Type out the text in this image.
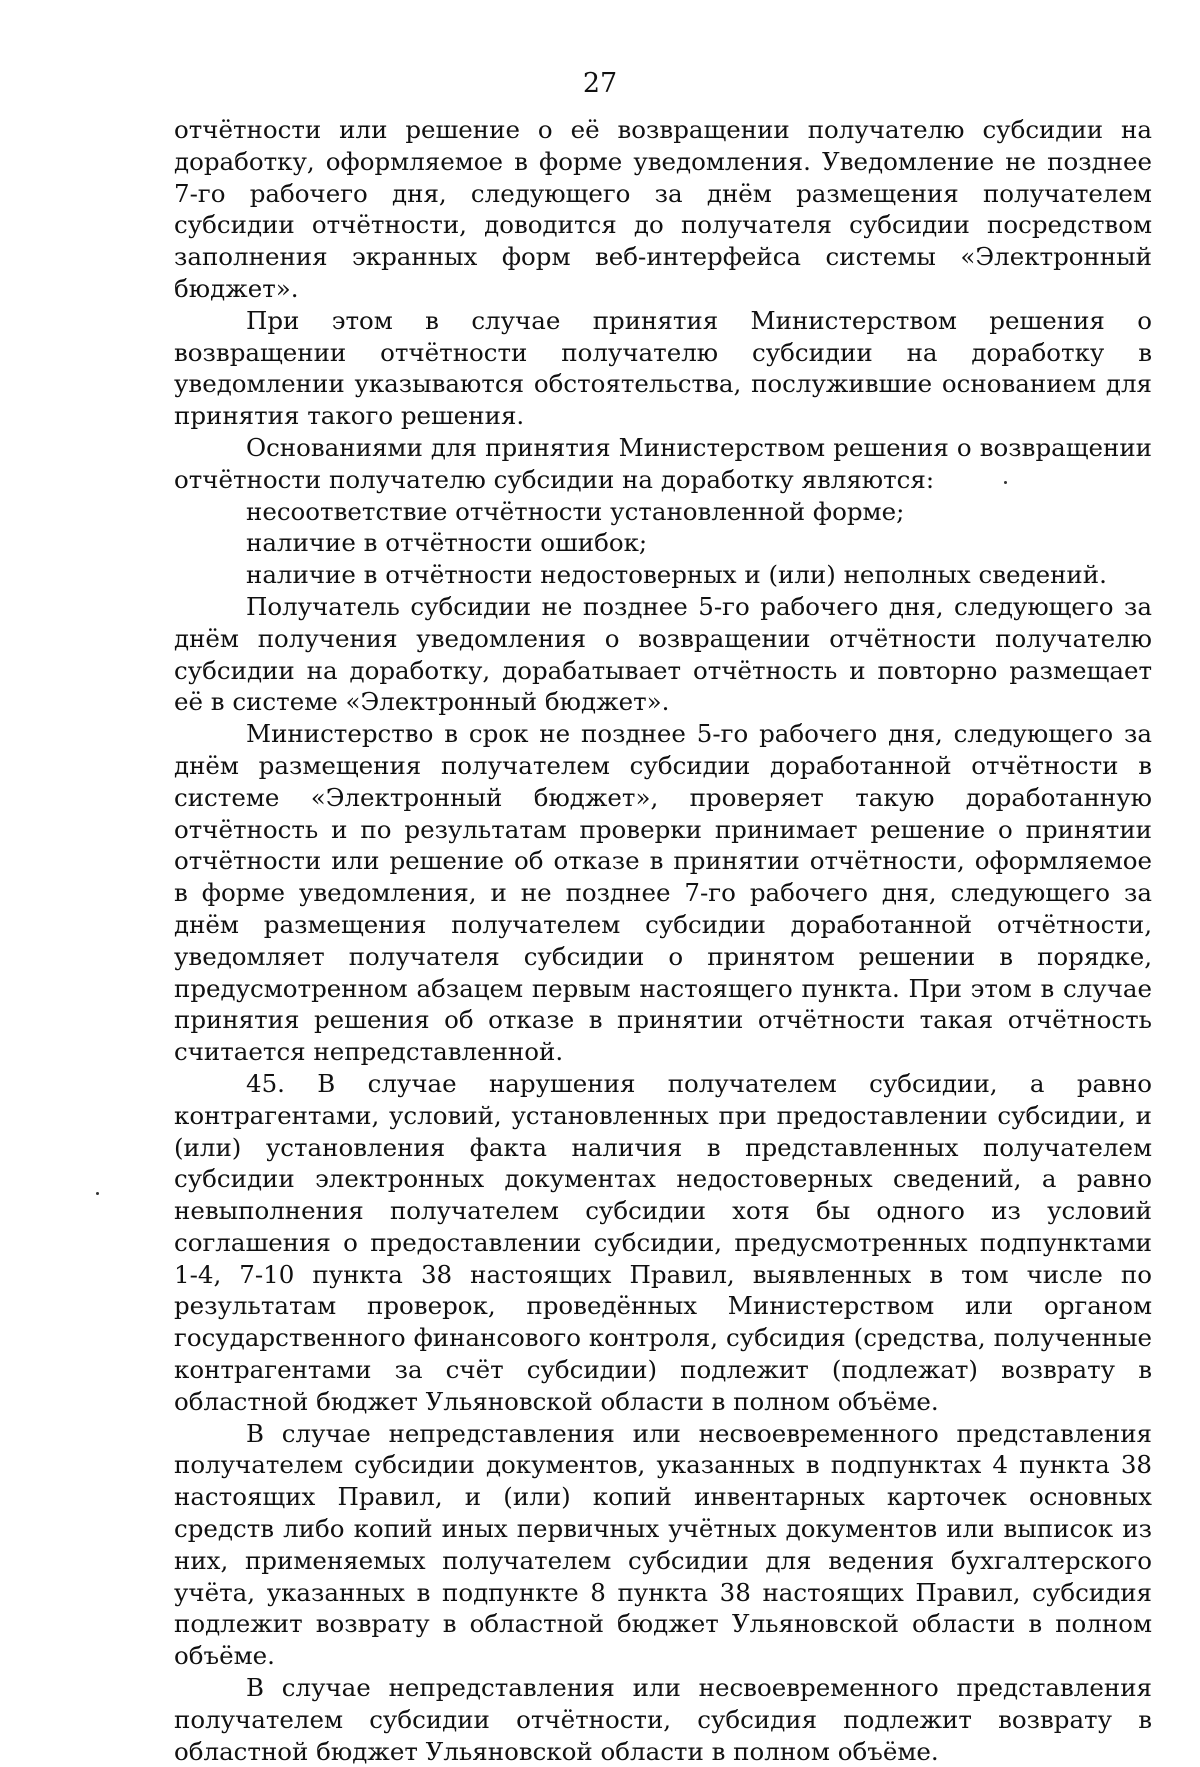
27

отчётности или решение о её возвращении получателю субсидии на доработку, оформляемое в форме уведомления. Уведомление не позднее 7-го рабочего дня, следующего за днём размещения получателем субсидии отчётности, доводится до получателя субсидии посредством заполнения экранных форм веб-интерфейса системы «Электронный бюджет».

При этом в случае принятия Министерством решения о возвращении отчётности получателю субсидии на доработку в уведомлении указываются обстоятельства, послужившие основанием для принятия такого решения.

Основаниями для принятия Министерством решения о возвращении отчётности получателю субсидии на доработку являются:

несоответствие отчётности установленной форме;

наличие в отчётности ошибок;

наличие в отчётности недостоверных и (или) неполных сведений.

Получатель субсидии не позднее 5-го рабочего дня, следующего за днём получения уведомления о возвращении отчётности получателю субсидии на доработку, дорабатывает отчётность и повторно размещает её в системе «Электронный бюджет».

Министерство в срок не позднее 5-го рабочего дня, следующего за днём размещения получателем субсидии доработанной отчётности в системе «Электронный бюджет», проверяет такую доработанную отчётность и по результатам проверки принимает решение о принятии отчётности или решение об отказе в принятии отчётности, оформляемое в форме уведомления, и не позднее 7-го рабочего дня, следующего за днём размещения получателем субсидии доработанной отчётности, уведомляет получателя субсидии о принятом решении в порядке, предусмотренном абзацем первым настоящего пункта. При этом в случае принятия решения об отказе в принятии отчётности такая отчётность считается непредставленной.

45. В случае нарушения получателем субсидии, а равно контрагентами, условий, установленных при предоставлении субсидии, и (или) установления факта наличия в представленных получателем субсидии электронных документах недостоверных сведений, а равно невыполнения получателем субсидии хотя бы одного из условий соглашения о предоставлении субсидии, предусмотренных подпунктами 1-4, 7-10 пункта 38 настоящих Правил, выявленных в том числе по результатам проверок, проведённых Министерством или органом государственного финансового контроля, субсидия (средства, полученные контрагентами за счёт субсидии) подлежит (подлежат) возврату в областной бюджет Ульяновской области в полном объёме.

В случае непредставления или несвоевременного представления получателем субсидии документов, указанных в подпунктах 4 пункта 38 настоящих Правил, и (или) копий инвентарных карточек основных средств либо копий иных первичных учётных документов или выписок из них, применяемых получателем субсидии для ведения бухгалтерского учёта, указанных в подпункте 8 пункта 38 настоящих Правил, субсидия подлежит возврату в областной бюджет Ульяновской области в полном объёме.

В случае непредставления или несвоевременного представления получателем субсидии отчётности, субсидия подлежит возврату в областной бюджет Ульяновской области в полном объёме.
